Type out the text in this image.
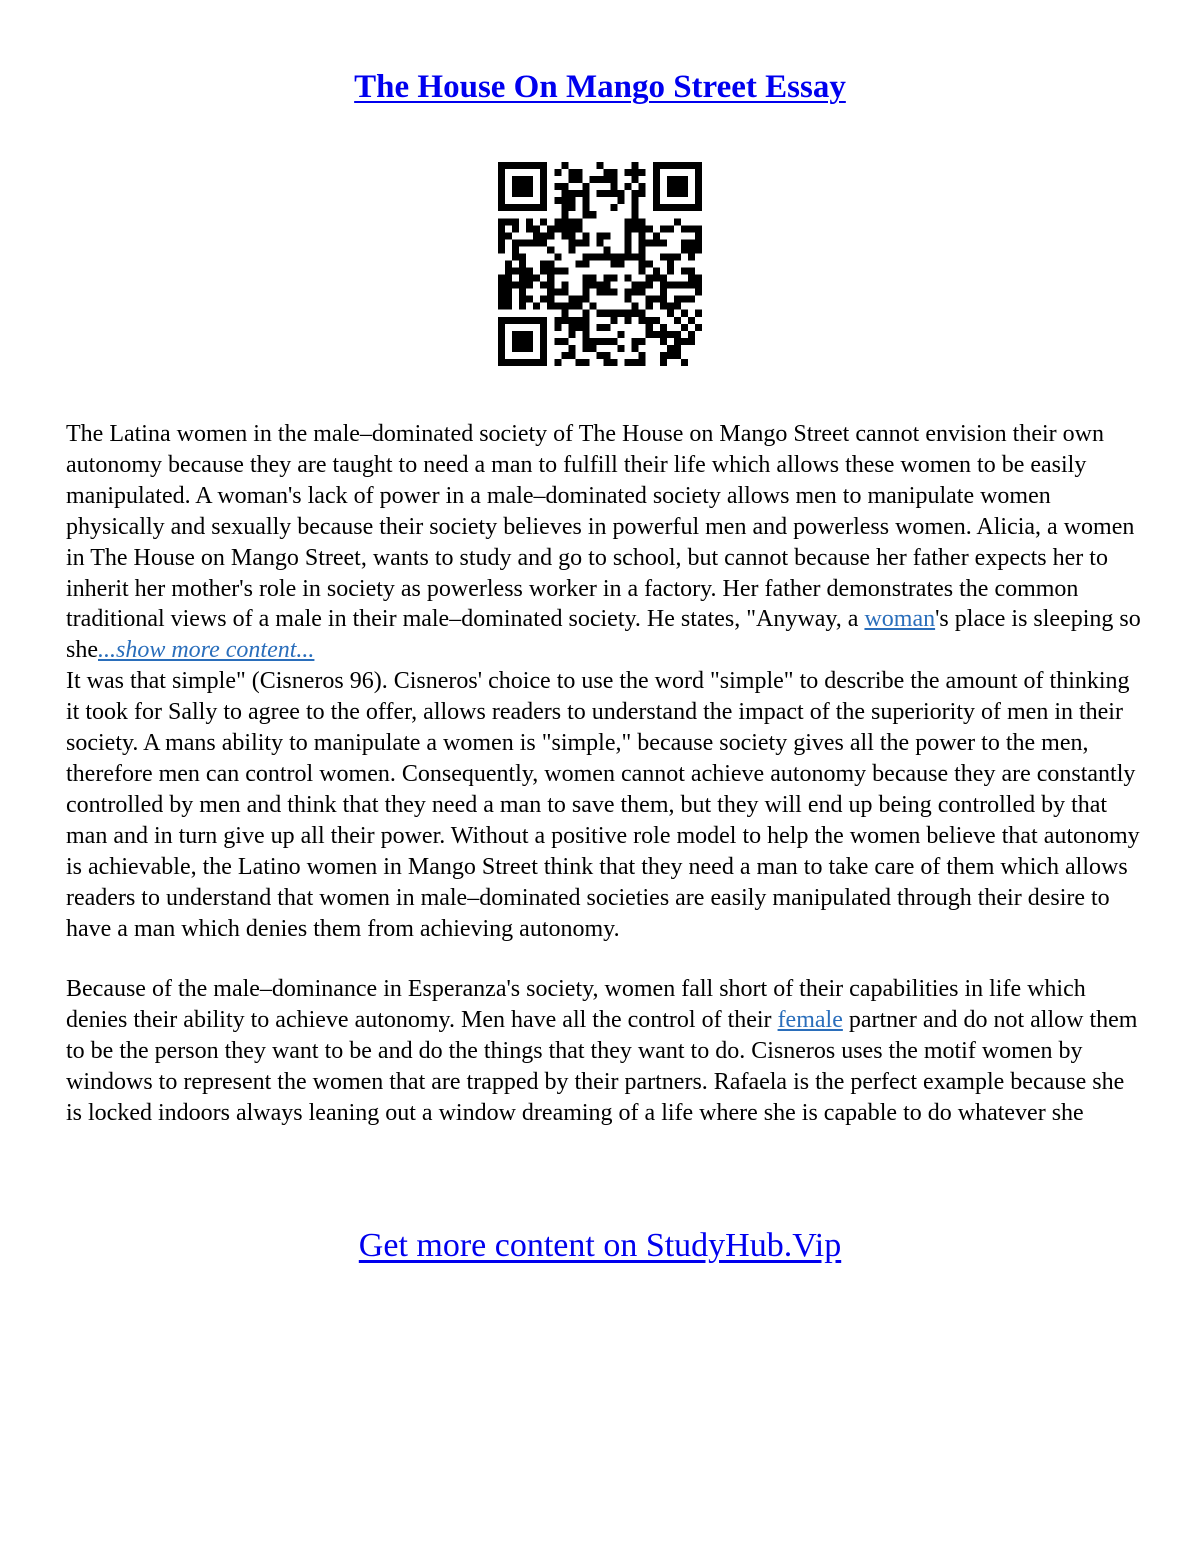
The House On Mango Street Essay

The Latina women in the male–dominated society of The House on Mango Street cannot envision their own autonomy because they are taught to need a man to fulfill their life which allows these women to be easily manipulated. A woman's lack of power in a male–dominated society allows men to manipulate women physically and sexually because their society believes in powerful men and powerless women. Alicia, a women in The House on Mango Street, wants to study and go to school, but cannot because her father expects her to inherit her mother's role in society as powerless worker in a factory. Her father demonstrates the common traditional views of a male in their male–dominated society. He states, "Anyway, a woman's place is sleeping so she...show more content...
It was that simple" (Cisneros 96). Cisneros' choice to use the word "simple" to describe the amount of thinking it took for Sally to agree to the offer, allows readers to understand the impact of the superiority of men in their society. A mans ability to manipulate a women is "simple," because society gives all the power to the men, therefore men can control women. Consequently, women cannot achieve autonomy because they are constantly controlled by men and think that they need a man to save them, but they will end up being controlled by that man and in turn give up all their power. Without a positive role model to help the women believe that autonomy is achievable, the Latino women in Mango Street think that they need a man to take care of them which allows readers to understand that women in male–dominated societies are easily manipulated through their desire to have a man which denies them from achieving autonomy.

Because of the male–dominance in Esperanza's society, women fall short of their capabilities in life which denies their ability to achieve autonomy. Men have all the control of their female partner and do not allow them to be the person they want to be and do the things that they want to do. Cisneros uses the motif women by windows to represent the women that are trapped by their partners. Rafaela is the perfect example because she is locked indoors always leaning out a window dreaming of a life where she is capable to do whatever she

Get more content on StudyHub.Vip
